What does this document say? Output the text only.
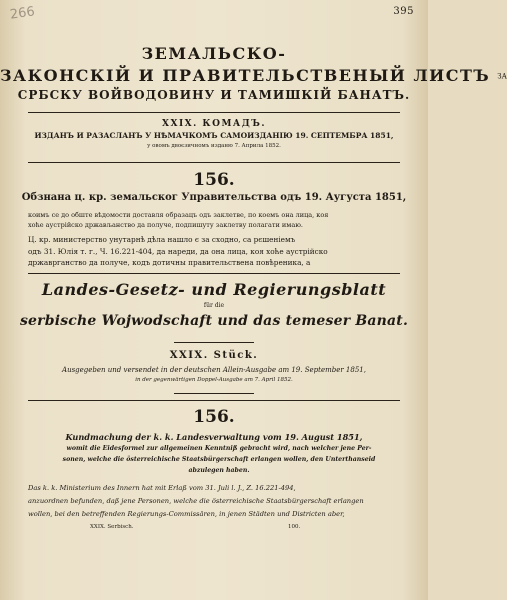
266	395
ЗЕМАЛЬСКО-
ЗАКОНСКІЙ И ПРАВИТЕЛЬСТВЕНЫЙ ЛИСТЪ ЗА
СРБСКУ ВОЙВОДОВИНУ И ТАМИШКІЙ БАНАТЪ.
XXIX. КОМАДЪ.
ИЗДАНЪ И РАЗАСЛАНЪ У НѢМАЧКОМЪ САМОИЗДАНІЮ 19. СЕПТЕМБРА 1851,
у овомъ двоєзичномъ изданю 7. Априла 1852.
156.
Обзнана ц. кр. земальског Управительства одъ 19. Аугуста 1851,
коимъ се до обште вѣдомости доставля образацъ одъ заклетве, по коемъ она лица, коя
хоће аустрійско држављанство да получе, подпишуту заклетву полагати имаю.
Ц. кр. министерство унутарнѣ дѣла нашло є за сходно, са рєшеніемъ
одъ 31. Юлія т. г., Ч. 16.221-404, да нареди, да она лица, коя хоће аустрійско
државрганство да получе, кодъ дотичны правительствена повѣреника, а
Landes-Gesetz- und Regierungsblatt
für die
serbische Wojwodschaft und das temeser Banat.
XXIX. Stück.
Ausgegeben und versendet in der deutschen Allein-Ausgabe am 19. September 1851,
in der gegenwärtigen Doppel-Ausgabe am 7. April 1852.
156.
Kundmachung der k. k. Landesverwaltung vom 19. August 1851,
womit die Eidesformel zur allgemeinen Kenntniß gebracht wird, nach welcher jene Per-
sonen, welche die österreichische Staatsbürgerschaft erlangen wollen, den Unterthanseid
abzulegen haben.
Das k. k. Ministerium des Innern hat mit Erlaß vom 31. Juli l. J., Z. 16.221-494,
anzuordnen befunden, daß jene Personen, welche die österreichische Staatsbürgerschaft erlangen
wollen, bei den betreffenden Regierungs-Commissären, in jenen Städten und Districten aber,
XXIX. Serbisch.	100.
